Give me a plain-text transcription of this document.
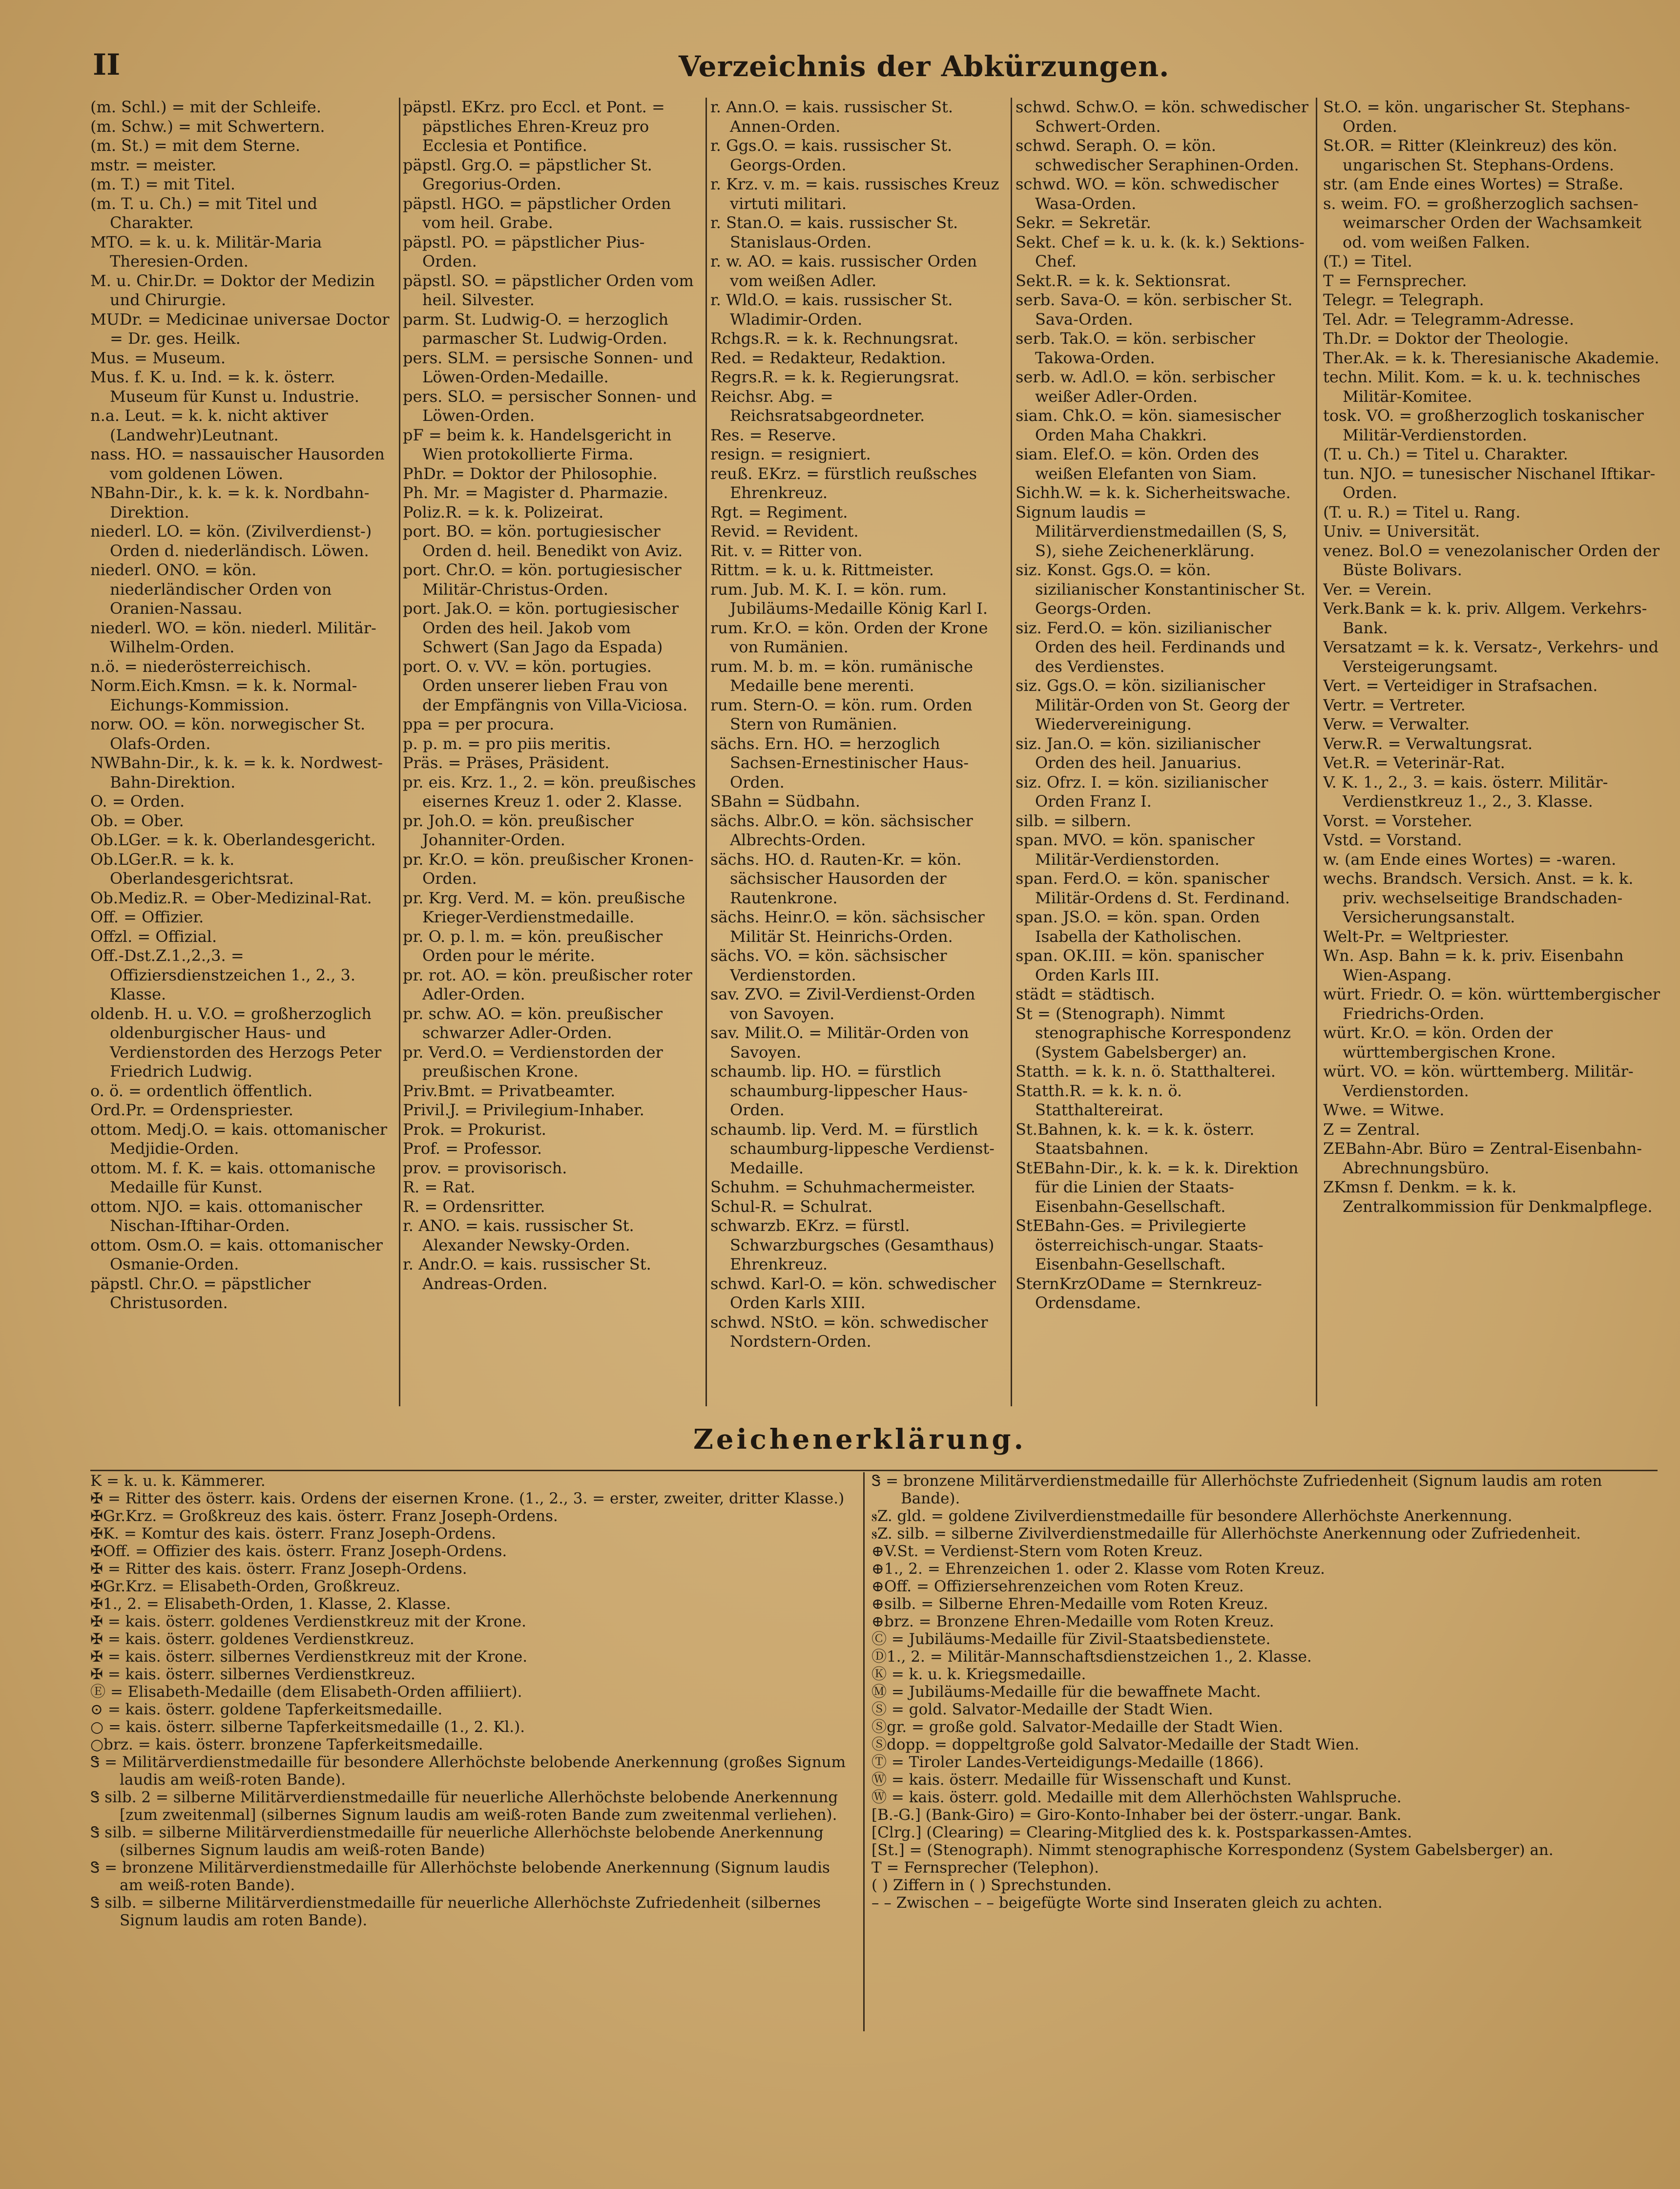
II	Verzeichnis der Abkürzungen.
(m. Schl.) = mit der Schleife.
(m. Schw.) = mit Schwertern.
(m. St.) = mit dem Sterne.
mstr. = meister.
(m. T.) = mit Titel.
(m. T. u. Ch.) = mit Titel und Charakter.
MTO. = k. u. k. Militär-Maria Theresien-Orden.
M. u. Chir.Dr. = Doktor der Medizin und Chirurgie.
MUDr. = Medicinae universae Doctor = Dr. ges. Heilk.
Mus. = Museum.
Mus. f. K. u. Ind. = k. k. österr. Museum für Kunst u. Industrie.
n.a. Leut. = k. k. nicht aktiver (Landwehr)Leutnant.
nass. HO. = nassauischer Hausorden vom goldenen Löwen.
NBahn-Dir., k. k. = k. k. Nordbahn-Direktion.
niederl. LO. = kön. (Zivilverdienst-) Orden d. niederländisch. Löwen.
niederl. ONO. = kön. niederländischer Orden von Oranien-Nassau.
niederl. WO. = kön. niederl. Militär-Wilhelm-Orden.
n.ö. = niederösterreichisch.
Norm.Eich.Kmsn. = k. k. Normal-Eichungs-Kommission.
norw. OO. = kön. norwegischer St. Olafs-Orden.
NWBahn-Dir., k. k. = k. k. Nordwest-Bahn-Direktion.
O. = Orden.
Ob. = Ober.
Ob.LGer. = k. k. Oberlandesgericht.
Ob.LGer.R. = k. k. Oberlandesgerichtsrat.
Ob.Mediz.R. = Ober-Medizinal-Rat.
Off. = Offizier.
Offzl. = Offizial.
Off.-Dst.Z.1.,2.,3. = Offiziersdienstzeichen 1., 2., 3. Klasse.
oldenb. H. u. V.O. = großherzoglich oldenburgischer Haus- und Verdienstorden des Herzogs Peter Friedrich Ludwig.
o. ö. = ordentlich öffentlich.
Ord.Pr. = Ordenspriester.
ottom. Medj.O. = kais. ottomanischer Medjidie-Orden.
ottom. M. f. K. = kais. ottomanische Medaille für Kunst.
ottom. NJO. = kais. ottomanischer Nischan-Iftihar-Orden.
ottom. Osm.O. = kais. ottomanischer Osmanie-Orden.
päpstl. Chr.O. = päpstlicher Christusorden.
päpstl. EKrz. pro Eccl. et Pont. = päpstliches Ehren-Kreuz pro Ecclesia et Pontifice.
päpstl. Grg.O. = päpstlicher St. Gregorius-Orden.
päpstl. HGO. = päpstlicher Orden vom heil. Grabe.
päpstl. PO. = päpstlicher Pius-Orden.
päpstl. SO. = päpstlicher Orden vom heil. Silvester.
parm. St. Ludwig-O. = herzoglich parmascher St. Ludwig-Orden.
pers. SLM. = persische Sonnen- und Löwen-Orden-Medaille.
pers. SLO. = persischer Sonnen- und Löwen-Orden.
pF = beim k. k. Handelsgericht in Wien protokollierte Firma.
PhDr. = Doktor der Philosophie.
Ph. Mr. = Magister d. Pharmazie.
Poliz.R. = k. k. Polizeirat.
port. BO. = kön. portugiesischer Orden d. heil. Benedikt von Aviz.
port. Chr.O. = kön. portugiesischer Militär-Christus-Orden.
port. Jak.O. = kön. portugiesischer Orden des heil. Jakob vom Schwert (San Jago da Espada)
port. O. v. VV. = kön. portugies. Orden unserer lieben Frau von der Empfängnis von Villa-Viciosa.
ppa = per procura.
p. p. m. = pro piis meritis.
Präs. = Präses, Präsident.
pr. eis. Krz. 1., 2. = kön. preußisches eisernes Kreuz 1. oder 2. Klasse.
pr. Joh.O. = kön. preußischer Johanniter-Orden.
pr. Kr.O. = kön. preußischer Kronen-Orden.
pr. Krg. Verd. M. = kön. preußische Krieger-Verdienstmedaille.
pr. O. p. l. m. = kön. preußischer Orden pour le mérite.
pr. rot. AO. = kön. preußischer roter Adler-Orden.
pr. schw. AO. = kön. preußischer schwarzer Adler-Orden.
pr. Verd.O. = Verdienstorden der preußischen Krone.
Priv.Bmt. = Privatbeamter.
Privil.J. = Privilegium-Inhaber.
Prok. = Prokurist.
Prof. = Professor.
prov. = provisorisch.
R. = Rat.
R. = Ordensritter.
r. ANO. = kais. russischer St. Alexander Newsky-Orden.
r. Andr.O. = kais. russischer St. Andreas-Orden.
r. Ann.O. = kais. russischer St. Annen-Orden.
r. Ggs.O. = kais. russischer St. Georgs-Orden.
r. Krz. v. m. = kais. russisches Kreuz virtuti militari.
r. Stan.O. = kais. russischer St. Stanislaus-Orden.
r. w. AO. = kais. russischer Orden vom weißen Adler.
r. Wld.O. = kais. russischer St. Wladimir-Orden.
Rchgs.R. = k. k. Rechnungsrat.
Red. = Redakteur, Redaktion.
Regrs.R. = k. k. Regierungsrat.
Reichsr. Abg. = Reichsratsabgeordneter.
Res. = Reserve.
resign. = resigniert.
reuß. EKrz. = fürstlich reußsches Ehrenkreuz.
Rgt. = Regiment.
Revid. = Revident.
Rit. v. = Ritter von.
Rittm. = k. u. k. Rittmeister.
rum. Jub. M. K. I. = kön. rum. Jubiläums-Medaille König Karl I.
rum. Kr.O. = kön. Orden der Krone von Rumänien.
rum. M. b. m. = kön. rumänische Medaille bene merenti.
rum. Stern-O. = kön. rum. Orden Stern von Rumänien.
sächs. Ern. HO. = herzoglich Sachsen-Ernestinischer Haus-Orden.
SBahn = Südbahn.
sächs. Albr.O. = kön. sächsischer Albrechts-Orden.
sächs. HO. d. Rauten-Kr. = kön. sächsischer Hausorden der Rautenkrone.
sächs. Heinr.O. = kön. sächsischer Militär St. Heinrichs-Orden.
sächs. VO. = kön. sächsischer Verdienstorden.
sav. ZVO. = Zivil-Verdienst-Orden von Savoyen.
sav. Milit.O. = Militär-Orden von Savoyen.
schaumb. lip. HO. = fürstlich schaumburg-lippescher Haus-Orden.
schaumb. lip. Verd. M. = fürstlich schaumburg-lippesche Verdienst-Medaille.
Schuhm. = Schuhmachermeister.
Schul-R. = Schulrat.
schwarzb. EKrz. = fürstl. Schwarzburgsches (Gesamthaus) Ehrenkreuz.
schwd. Karl-O. = kön. schwedischer Orden Karls XIII.
schwd. NStO. = kön. schwedischer Nordstern-Orden.
schwd. Schw.O. = kön. schwedischer Schwert-Orden.
schwd. Seraph. O. = kön. schwedischer Seraphinen-Orden.
schwd. WO. = kön. schwedischer Wasa-Orden.
Sekr. = Sekretär.
Sekt. Chef = k. u. k. (k. k.) Sektions-Chef.
Sekt.R. = k. k. Sektionsrat.
serb. Sava-O. = kön. serbischer St. Sava-Orden.
serb. Tak.O. = kön. serbischer Takowa-Orden.
serb. w. Adl.O. = kön. serbischer weißer Adler-Orden.
siam. Chk.O. = kön. siamesischer Orden Maha Chakkri.
siam. Elef.O. = kön. Orden des weißen Elefanten von Siam.
Sichh.W. = k. k. Sicherheitswache.
Signum laudis = Militärverdienstmedaillen (S, S, S), siehe Zeichenerklärung.
siz. Konst. Ggs.O. = kön. sizilianischer Konstantinischer St. Georgs-Orden.
siz. Ferd.O. = kön. sizilianischer Orden des heil. Ferdinands und des Verdienstes.
siz. Ggs.O. = kön. sizilianischer Militär-Orden von St. Georg der Wiedervereinigung.
siz. Jan.O. = kön. sizilianischer Orden des heil. Januarius.
siz. Ofrz. I. = kön. sizilianischer Orden Franz I.
silb. = silbern.
span. MVO. = kön. spanischer Militär-Verdienstorden.
span. Ferd.O. = kön. spanischer Militär-Ordens d. St. Ferdinand.
span. JS.O. = kön. span. Orden Isabella der Katholischen.
span. OK.III. = kön. spanischer Orden Karls III.
städt = städtisch.
St = (Stenograph). Nimmt stenographische Korrespondenz (System Gabelsberger) an.
Statth. = k. k. n. ö. Statthalterei.
Statth.R. = k. k. n. ö. Statthaltereirat.
St.Bahnen, k. k. = k. k. österr. Staatsbahnen.
StEBahn-Dir., k. k. = k. k. Direktion für die Linien der Staats-Eisenbahn-Gesellschaft.
StEBahn-Ges. = Privilegierte österreichisch-ungar. Staats-Eisenbahn-Gesellschaft.
SternKrzODame = Sternkreuz-Ordensdame.
St.O. = kön. ungarischer St. Stephans-Orden.
St.OR. = Ritter (Kleinkreuz) des kön. ungarischen St. Stephans-Ordens.
str. (am Ende eines Wortes) = Straße.
s. weim. FO. = großherzoglich sachsen-weimarscher Orden der Wachsamkeit od. vom weißen Falken.
(T.) = Titel.
T = Fernsprecher.
Telegr. = Telegraph.
Tel. Adr. = Telegramm-Adresse.
Th.Dr. = Doktor der Theologie.
Ther.Ak. = k. k. Theresianische Akademie.
techn. Milit. Kom. = k. u. k. technisches Militär-Komitee.
tosk. VO. = großherzoglich toskanischer Militär-Verdienstorden.
(T. u. Ch.) = Titel u. Charakter.
tun. NJO. = tunesischer Nischanel Iftikar-Orden.
(T. u. R.) = Titel u. Rang.
Univ. = Universität.
venez. Bol.O = venezolanischer Orden der Büste Bolivars.
Ver. = Verein.
Verk.Bank = k. k. priv. Allgem. Verkehrs-Bank.
Versatzamt = k. k. Versatz-, Verkehrs- und Versteigerungsamt.
Vert. = Verteidiger in Strafsachen.
Vertr. = Vertreter.
Verw. = Verwalter.
Verw.R. = Verwaltungsrat.
Vet.R. = Veterinär-Rat.
V. K. 1., 2., 3. = kais. österr. Militär-Verdienstkreuz 1., 2., 3. Klasse.
Vorst. = Vorsteher.
Vstd. = Vorstand.
w. (am Ende eines Wortes) = -waren.
wechs. Brandsch. Versich. Anst. = k. k. priv. wechselseitige Brandschaden-Versicherungsanstalt.
Welt-Pr. = Weltpriester.
Wn. Asp. Bahn = k. k. priv. Eisenbahn Wien-Aspang.
würt. Friedr. O. = kön. württembergischer Friedrichs-Orden.
würt. Kr.O. = kön. Orden der württembergischen Krone.
würt. VO. = kön. württemberg. Militär-Verdienstorden.
Wwe. = Witwe.
Z = Zentral.
ZEBahn-Abr. Büro = Zentral-Eisenbahn-Abrechnungsbüro.
ZKmsn f. Denkm. = k. k. Zentralkommission für Denkmalpflege.
Zeichenerklärung.
K = k. u. k. Kämmerer.
✠ = Ritter des österr. kais. Ordens der eisernen Krone. (1., 2., 3. = erster, zweiter, dritter Klasse.)
✠Gr.Krz. = Großkreuz des kais. österr. Franz Joseph-Ordens.
✠K. = Komtur des kais. österr. Franz Joseph-Ordens.
✠Off. = Offizier des kais. österr. Franz Joseph-Ordens.
✠ = Ritter des kais. österr. Franz Joseph-Ordens.
✠Gr.Krz. = Elisabeth-Orden, Großkreuz.
✠1., 2. = Elisabeth-Orden, 1. Klasse, 2. Klasse.
✠ = kais. österr. goldenes Verdienstkreuz mit der Krone.
✠ = kais. österr. goldenes Verdienstkreuz.
✠ = kais. österr. silbernes Verdienstkreuz mit der Krone.
✠ = kais. österr. silbernes Verdienstkreuz.
Ⓔ = Elisabeth-Medaille (dem Elisabeth-Orden affiliiert).
⊙ = kais. österr. goldene Tapferkeitsmedaille.
○ = kais. österr. silberne Tapferkeitsmedaille (1., 2. Kl.).
○brz. = kais. österr. bronzene Tapferkeitsmedaille.
Ꮥ = Militärverdienstmedaille für besondere Allerhöchste belobende Anerkennung (großes Signum laudis am weiß-roten Bande).
Ꮥ silb. 2 = silberne Militärverdienstmedaille für neuerliche Allerhöchste belobende Anerkennung [zum zweitenmal] (silbernes Signum laudis am weiß-roten Bande zum zweitenmal verliehen).
Ꮥ silb. = silberne Militärverdienstmedaille für neuerliche Allerhöchste belobende Anerkennung (silbernes Signum laudis am weiß-roten Bande)
Ꮥ = bronzene Militärverdienstmedaille für Allerhöchste belobende Anerkennung (Signum laudis am weiß-roten Bande).
Ꮥ silb. = silberne Militärverdienstmedaille für neuerliche Allerhöchste Zufriedenheit (silbernes Signum laudis am roten Bande).
Ꮥ = bronzene Militärverdienstmedaille für Allerhöchste Zufriedenheit (Signum laudis am roten Bande).
ꮥZ. gld. = goldene Zivilverdienstmedaille für besondere Allerhöchste Anerkennung.
ꮥZ. silb. = silberne Zivilverdienstmedaille für Allerhöchste Anerkennung oder Zufriedenheit.
⊕V.St. = Verdienst-Stern vom Roten Kreuz.
⊕1., 2. = Ehrenzeichen 1. oder 2. Klasse vom Roten Kreuz.
⊕Off. = Offiziersehrenzeichen vom Roten Kreuz.
⊕silb. = Silberne Ehren-Medaille vom Roten Kreuz.
⊕brz. = Bronzene Ehren-Medaille vom Roten Kreuz.
Ⓒ = Jubiläums-Medaille für Zivil-Staatsbedienstete.
Ⓓ1., 2. = Militär-Mannschaftsdienstzeichen 1., 2. Klasse.
Ⓚ = k. u. k. Kriegsmedaille.
Ⓜ = Jubiläums-Medaille für die bewaffnete Macht.
Ⓢ = gold. Salvator-Medaille der Stadt Wien.
Ⓢgr. = große gold. Salvator-Medaille der Stadt Wien.
Ⓢdopp. = doppeltgroße gold Salvator-Medaille der Stadt Wien.
Ⓣ = Tiroler Landes-Verteidigungs-Medaille (1866).
Ⓦ = kais. österr. Medaille für Wissenschaft und Kunst.
Ⓦ = kais. österr. gold. Medaille mit dem Allerhöchsten Wahlspruche.
[B.-G.] (Bank-Giro) = Giro-Konto-Inhaber bei der österr.-ungar. Bank.
[Clrg.] (Clearing) = Clearing-Mitglied des k. k. Postsparkassen-Amtes.
[St.] = (Stenograph). Nimmt stenographische Korrespondenz (System Gabelsberger) an.
T = Fernsprecher (Telephon).
( ) Ziffern in ( ) Sprechstunden.
– – Zwischen – – beigefügte Worte sind Inseraten gleich zu achten.
